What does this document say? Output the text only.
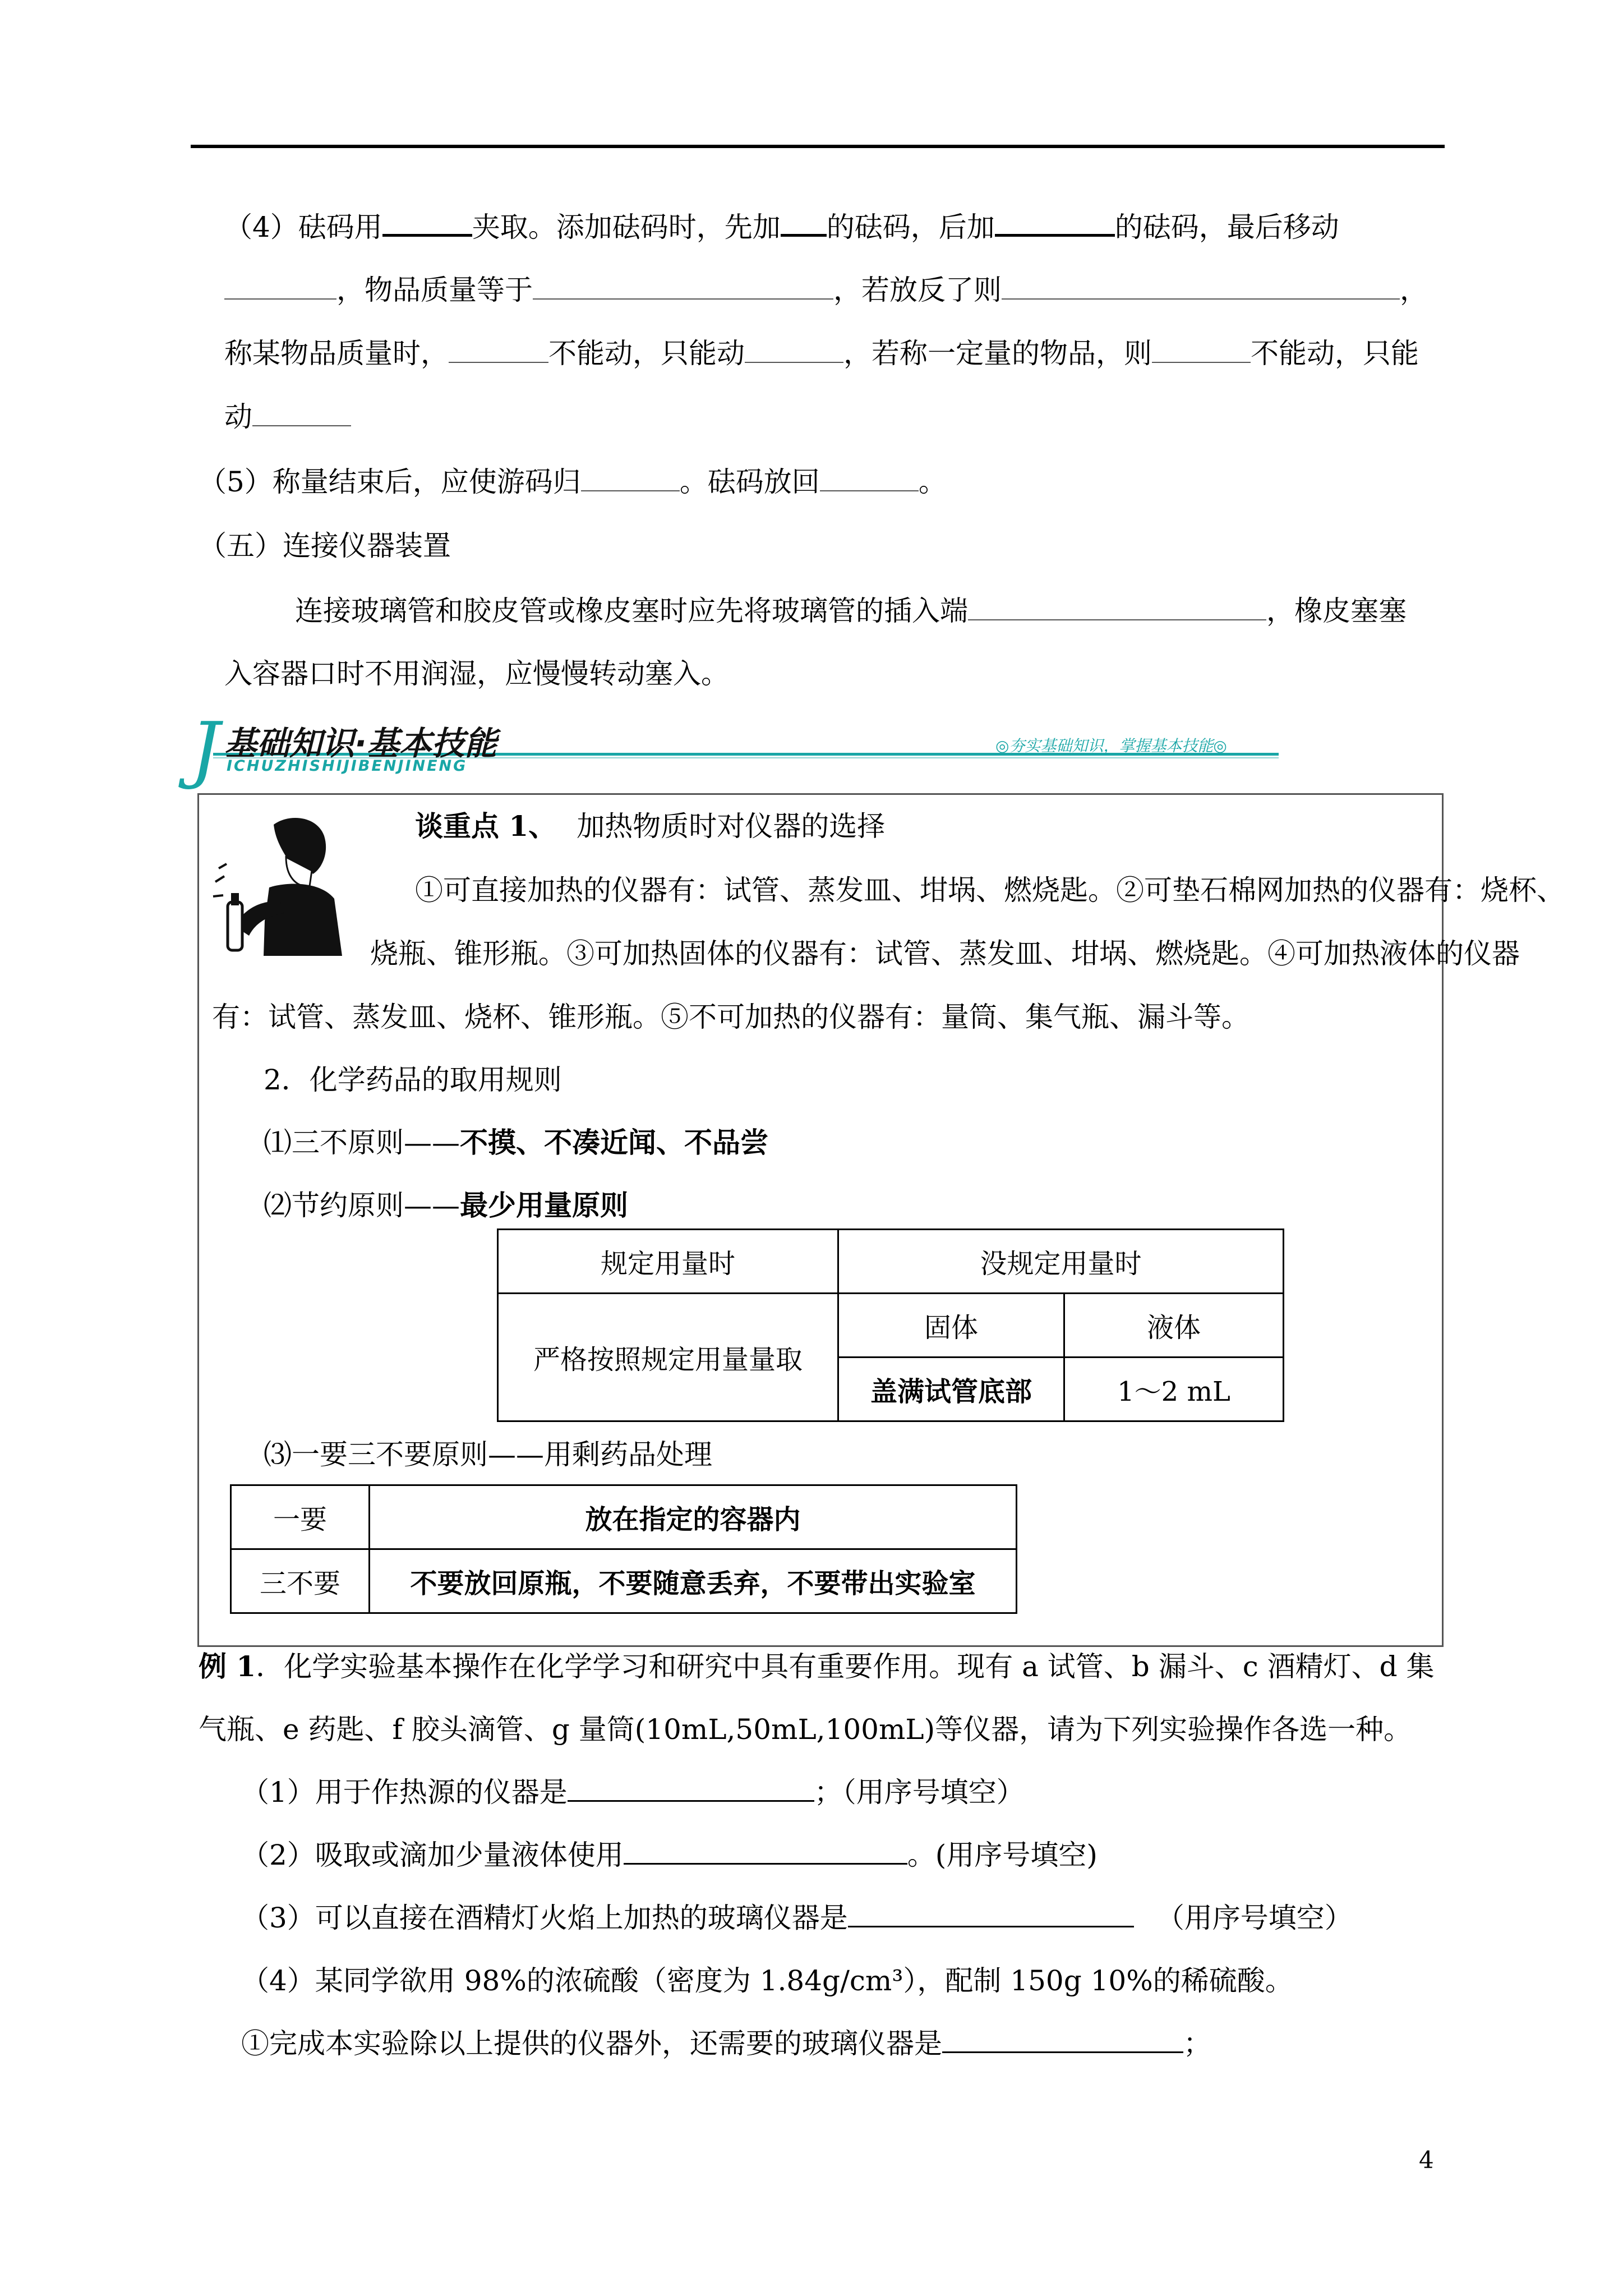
（4）砝码用	夹取。添加砝码时，先加 的砝码，后加	的砝码，最后移动
，物品质量等于	，若放反了则	，
称某物品质量时，	不能动，只能动	，若称一定量的物品，则	不能动，只能
动
（5）称量结束后，应使游码归	。砝码放回	。
（五）连接仪器装置
连接玻璃管和胶皮管或橡皮塞时应先将玻璃管的插入端	，橡皮塞塞
入容器口时不用润湿，应慢慢转动塞入。
J 基础知识·基本技能
ICHUZHISHIJIBENJINENG
◎夯实基础知识，掌握基本技能◎
谈重点 1、 加热物质时对仪器的选择
①可直接加热的仪器有：试管、蒸发皿、坩埚、燃烧匙。②可垫石棉网加热的仪器有：烧杯、
烧瓶、锥形瓶。③可加热固体的仪器有：试管、蒸发皿、坩埚、燃烧匙。④可加热液体的仪器
有：试管、蒸发皿、烧杯、锥形瓶。⑤不可加热的仪器有：量筒、集气瓶、漏斗等。
2．化学药品的取用规则
⑴三不原则——不摸、不凑近闻、不品尝
⑵节约原则——最少用量原则
规定用量时	没规定用量时	
严格按照规定用量量取	固体	液体
	盖满试管底部	1～2 mL
⑶一要三不要原则——用剩药品处理
一要	放在指定的容器内
三不要	不要放回原瓶，不要随意丢弃，不要带出实验室
例 1．化学实验基本操作在化学学习和研究中具有重要作用。现有 a 试管、b 漏斗、c 酒精灯、d 集
气瓶、e 药匙、f 胶头滴管、g 量筒(10mL,50mL,100mL)等仪器，请为下列实验操作各选一种。
（1）用于作热源的仪器是	；（用序号填空）
（2）吸取或滴加少量液体使用	。(用序号填空)
（3）可以直接在酒精灯火焰上加热的玻璃仪器是	（用序号填空）
（4）某同学欲用 98%的浓硫酸（密度为 1.84g/cm³），配制 150g 10%的稀硫酸。
①完成本实验除以上提供的仪器外，还需要的玻璃仪器是	；
4
